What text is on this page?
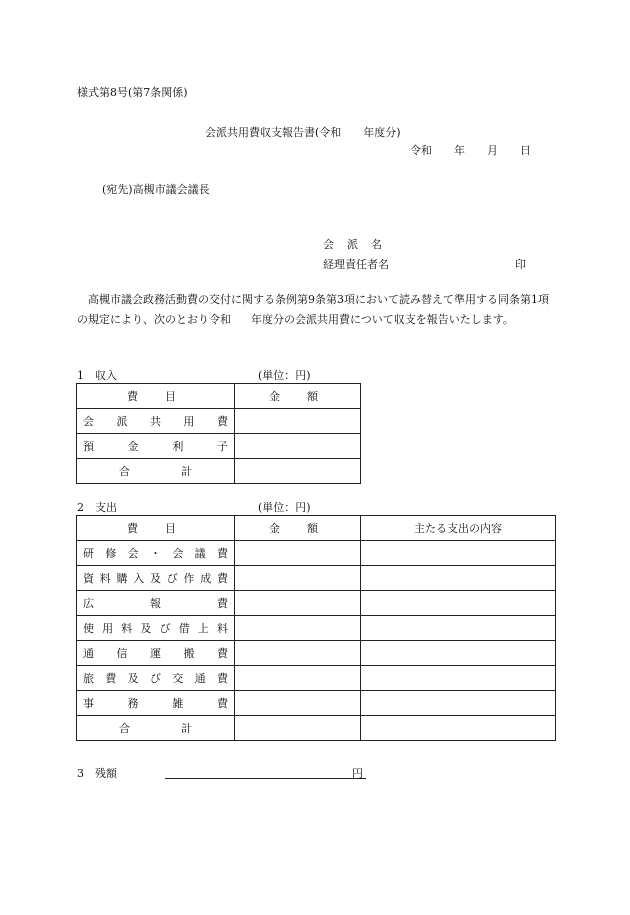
様式第8号(第7条関係)
会派共用費収支報告書(令和 年度分)
令和 年 月 日
(宛先)高槻市議会議長
会 派 名
経理責任者名	印
高槻市議会政務活動費の交付に関する条例第9条第3項において読み替えて準用する同条第1項の規定により、次のとおり令和 年度分の会派共用費について収支を報告いたします。
1　収入	(単位：円)
費　目	金　額
会派共用費	
預金利子	
合　計	
2　支出	(単位：円)
費　目	金　額	主たる支出の内容
研修会・会議費		
資料購入及び作成費		
広報費		
使用料及び借上料		
通信運搬費		
旅費及び交通費		
事務雑費		
合　計		
3　残額	円
